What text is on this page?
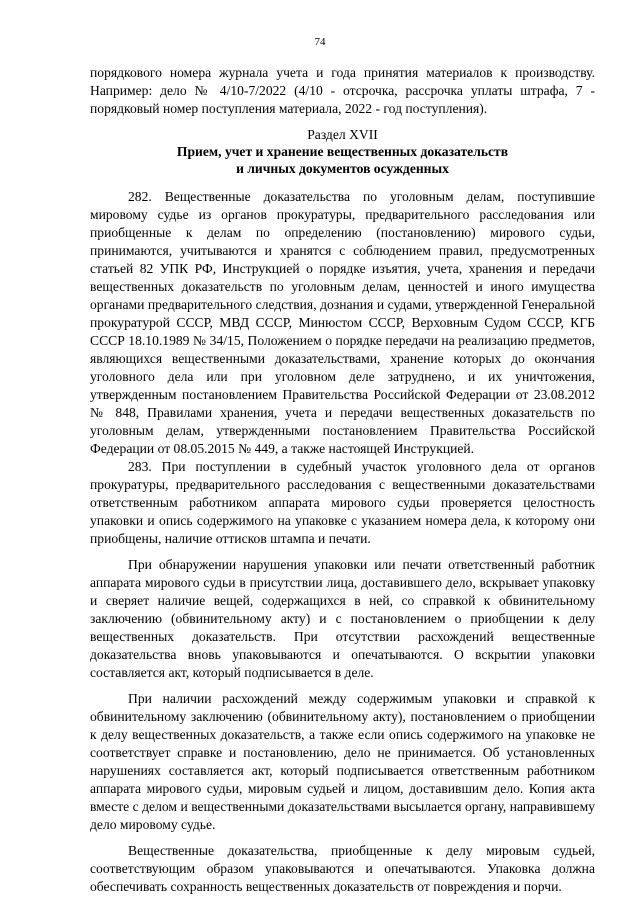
74

порядкового номера журнала учета и года принятия материалов к производству. Например: дело № 4/10-7/2022 (4/10 - отсрочка, рассрочка уплаты штрафа, 7 - порядковый номер поступления материала, 2022 - год поступления).

Раздел XVII
Прием, учет и хранение вещественных доказательств
и личных документов осужденных

282. Вещественные доказательства по уголовным делам, поступившие мировому судье из органов прокуратуры, предварительного расследования или приобщенные к делам по определению (постановлению) мирового судьи, принимаются, учитываются и хранятся с соблюдением правил, предусмотренных статьей 82 УПК РФ, Инструкцией о порядке изъятия, учета, хранения и передачи вещественных доказательств по уголовным делам, ценностей и иного имущества органами предварительного следствия, дознания и судами, утвержденной Генеральной прокуратурой СССР, МВД СССР, Минюстом СССР, Верховным Судом СССР, КГБ СССР 18.10.1989 № 34/15, Положением о порядке передачи на реализацию предметов, являющихся вещественными доказательствами, хранение которых до окончания уголовного дела или при уголовном деле затруднено, и их уничтожения, утвержденным постановлением Правительства Российской Федерации от 23.08.2012 № 848, Правилами хранения, учета и передачи вещественных доказательств по уголовным делам, утвержденными постановлением Правительства Российской Федерации от 08.05.2015 № 449, а также настоящей Инструкцией.

283. При поступлении в судебный участок уголовного дела от органов прокуратуры, предварительного расследования с вещественными доказательствами ответственным работником аппарата мирового судьи проверяется целостность упаковки и опись содержимого на упаковке с указанием номера дела, к которому они приобщены, наличие оттисков штампа и печати.

При обнаружении нарушения упаковки или печати ответственный работник аппарата мирового судьи в присутствии лица, доставившего дело, вскрывает упаковку и сверяет наличие вещей, содержащихся в ней, со справкой к обвинительному заключению (обвинительному акту) и с постановлением о приобщении к делу вещественных доказательств. При отсутствии расхождений вещественные доказательства вновь упаковываются и опечатываются. О вскрытии упаковки составляется акт, который подписывается в деле.

При наличии расхождений между содержимым упаковки и справкой к обвинительному заключению (обвинительному акту), постановлением о приобщении к делу вещественных доказательств, а также если опись содержимого на упаковке не соответствует справке и постановлению, дело не принимается. Об установленных нарушениях составляется акт, который подписывается ответственным работником аппарата мирового судьи, мировым судьей и лицом, доставившим дело. Копия акта вместе с делом и вещественными доказательствами высылается органу, направившему дело мировому судье.

Вещественные доказательства, приобщенные к делу мировым судьей, соответствующим образом упаковываются и опечатываются. Упаковка должна обеспечивать сохранность вещественных доказательств от повреждения и порчи.
